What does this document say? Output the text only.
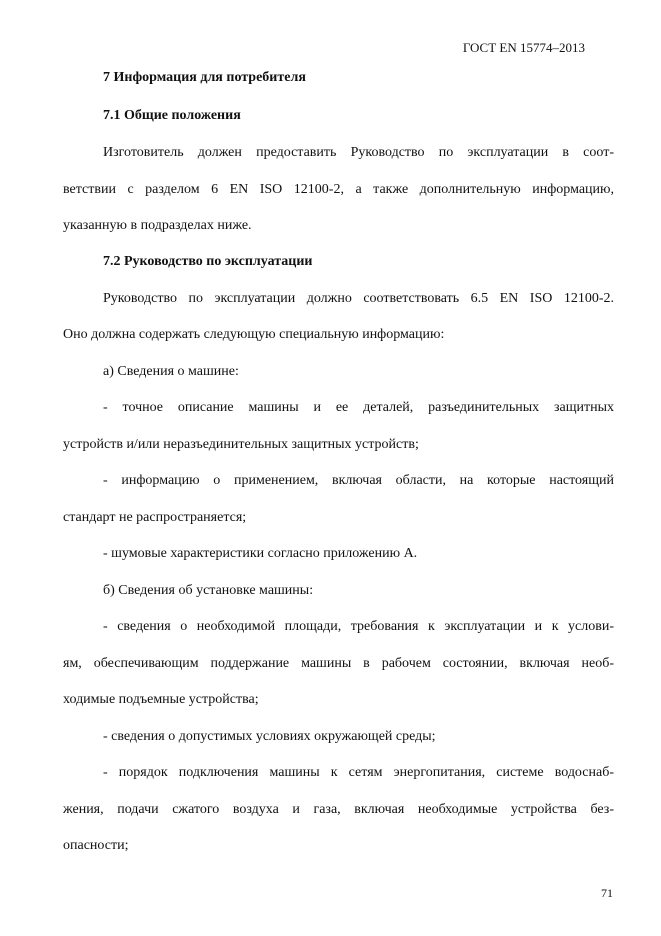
ГОСТ EN 15774–2013
7 Информация для потребителя
7.1 Общие положения
Изготовитель должен предоставить Руководство по эксплуатации в соот-
ветствии с разделом 6 EN ISO 12100-2, а также дополнительную информацию,
указанную в подразделах ниже.
7.2 Руководство по эксплуатации
Руководство по эксплуатации должно соответствовать 6.5 EN ISO 12100-2.
Оно должна содержать следующую специальную информацию:
а) Сведения о машине:
- точное описание машины и ее деталей, разъединительных защитных
устройств и/или неразъединительных защитных устройств;
- информацию о применением, включая области, на которые настоящий
стандарт не распространяется;
- шумовые характеристики согласно приложению А.
б) Сведения об установке машины:
- сведения о необходимой площади, требования к эксплуатации и к услови-
ям, обеспечивающим поддержание машины в рабочем состоянии, включая необ-
ходимые подъемные устройства;
- сведения о допустимых условиях окружающей среды;
- порядок подключения машины к сетям энергопитания, системе водоснаб-
жения, подачи сжатого воздуха и газа, включая необходимые устройства без-
опасности;
71
